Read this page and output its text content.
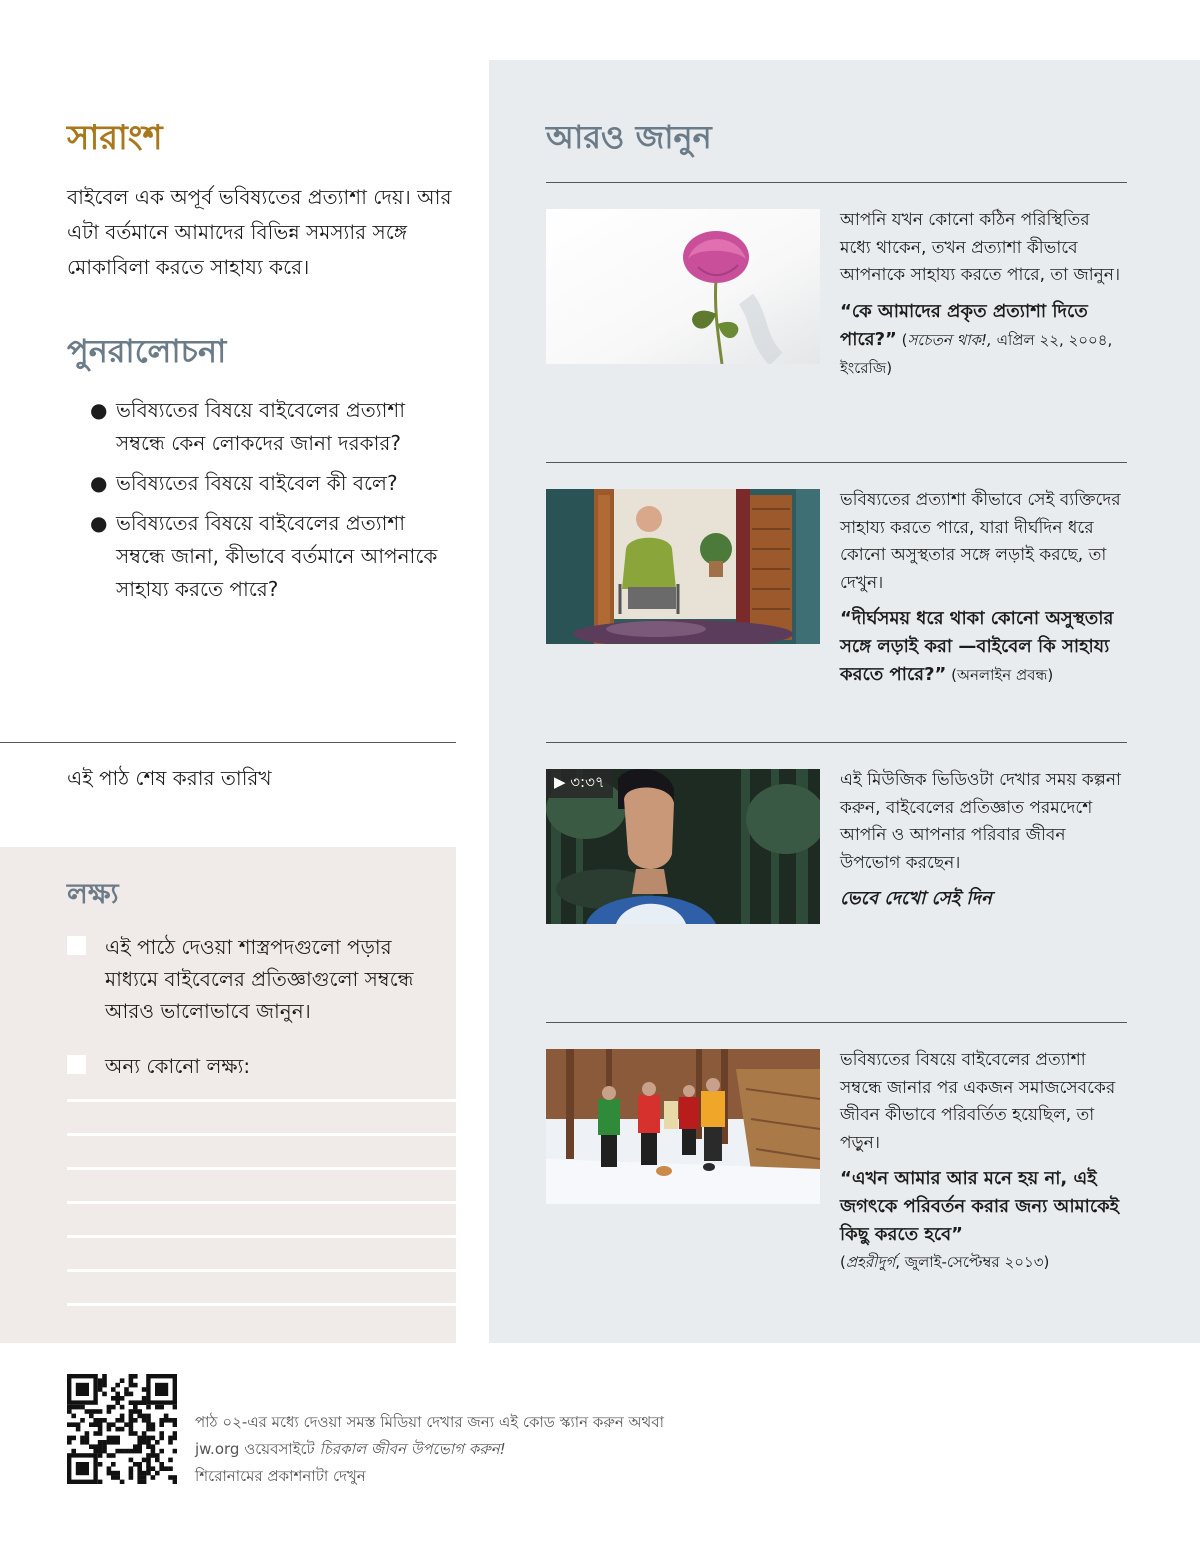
সারাংশ

বাইবেল এক অপূর্ব ভবিষ্যতের প্রত্যাশা দেয়। আর এটা বর্তমানে আমাদের বিভিন্ন সমস্যার সঙ্গে মোকাবিলা করতে সাহায্য করে।

পুনরালোচনা
● ভবিষ্যতের বিষয়ে বাইবেলের প্রত্যাশা সম্বন্ধে কেন লোকদের জানা দরকার?
● ভবিষ্যতের বিষয়ে বাইবেল কী বলে?
● ভবিষ্যতের বিষয়ে বাইবেলের প্রত্যাশা সম্বন্ধে জানা, কীভাবে বর্তমানে আপনাকে সাহায্য করতে পারে?
এই পাঠ শেষ করার তারিখ
লক্ষ্য
এই পাঠে দেওয়া শাস্ত্রপদগুলো পড়ার মাধ্যমে বাইবেলের প্রতিজ্ঞাগুলো সম্বন্ধে আরও ভালোভাবে জানুন।
অন্য কোনো লক্ষ্য:
আরও জানুন

আপনি যখন কোনো কঠিন পরিস্থিতির মধ্যে থাকেন, তখন প্রত্যাশা কীভাবে আপনাকে সাহায্য করতে পারে, তা জানুন।

“কে আমাদের প্রকৃত প্রত্যাশা দিতে পারে?” (সচেতন থাক!, এপ্রিল ২২, ২০০৪, ইংরেজি)

ভবিষ্যতের প্রত্যাশা কীভাবে সেই ব্যক্তিদের সাহায্য করতে পারে, যারা দীর্ঘদিন ধরে কোনো অসুস্থতার সঙ্গে লড়াই করছে, তা দেখুন।

“দীর্ঘসময় ধরে থাকা কোনো অসুস্থতার সঙ্গে লড়াই করা —বাইবেল কি সাহায্য করতে পারে?” (অনলাইন প্রবন্ধ)

▶ ৩:৩৭	এই মিউজিক ভিডিওটা দেখার সময় কল্পনা করুন, বাইবেলের প্রতিজ্ঞাত পরমদেশে আপনি ও আপনার পরিবার জীবন উপভোগ করছেন।

ভেবে দেখো সেই দিন

ভবিষ্যতের বিষয়ে বাইবেলের প্রত্যাশা সম্বন্ধে জানার পর একজন সমাজসেবকের জীবন কীভাবে পরিবর্তিত হয়েছিল, তা পড়ুন।

“এখন আমার আর মনে হয় না, এই জগৎকে পরিবর্তন করার জন্য আমাকেই কিছু করতে হবে”

(প্রহরীদুর্গ, জুলাই-সেপ্টেম্বর ২০১৩)

পাঠ ০২-এর মধ্যে দেওয়া সমস্ত মিডিয়া দেখার জন্য এই কোড স্ক্যান করুন অথবা

jw.org ওয়েবসাইটে চিরকাল জীবন উপভোগ করুন!

শিরোনামের প্রকাশনাটা দেখুন
